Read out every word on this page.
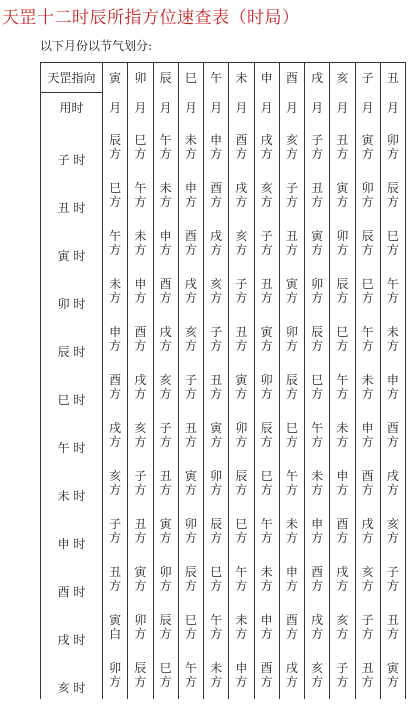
天罡十二时辰所指方位速查表（时局）
以下月份以节气划分:
天罡指向	寅	卯	辰	巳	午	未	申	酉	戌	亥	子	丑
用时	月	月	月	月	月	月	月	月	月	月	月	月
子 时	辰	巳	午	未	申	酉	戌	亥	子	丑	寅	卯
	方	方	方	方	方	方	方	方	方	方	方	方
丑 时	巳	午	未	申	酉	戌	亥	子	丑	寅	卯	辰
	方	方	方	方	方	方	方	方	方	方	方	方
寅 时	午	未	申	酉	戌	亥	子	丑	寅	卯	辰	巳
	方	方	方	方	方	方	方	方	方	方	方	方
卯 时	未	申	酉	戌	亥	子	丑	寅	卯	辰	巳	午
	方	方	方	方	方	方	方	方	方	方	方	方
辰 时	申	酉	戌	亥	子	丑	寅	卯	辰	巳	午	未
	方	方	方	方	方	方	方	方	方	方	方	方
巳 时	酉	戌	亥	子	丑	寅	卯	辰	巳	午	未	申
	方	方	方	方	方	方	方	方	方	方	方	方
午 时	戌	亥	子	丑	寅	卯	辰	巳	午	未	申	酉
	方	方	方	方	方	方	方	方	方	方	方	方
未 时	亥	子	丑	寅	卯	辰	巳	午	未	申	酉	戌
	方	方	方	方	方	方	方	方	方	方	方	方
申 时	子	丑	寅	卯	辰	巳	午	未	申	酉	戌	亥
	方	方	方	方	方	方	方	方	方	方	方	方
酉 时	丑	寅	卯	辰	巳	午	未	申	酉	戌	亥	子
	方	方	方	方	方	方	方	方	方	方	方	方
戌 时	寅	卯	辰	巳	午	未	申	酉	戌	亥	子	丑
	白	方	方	方	方	方	方	方	方	方	方	方
亥 时	卯	辰	巳	午	未	申	酉	戌	亥	子	丑	寅
	方	方	方	方	方	方	方	方	方	方	方	方
